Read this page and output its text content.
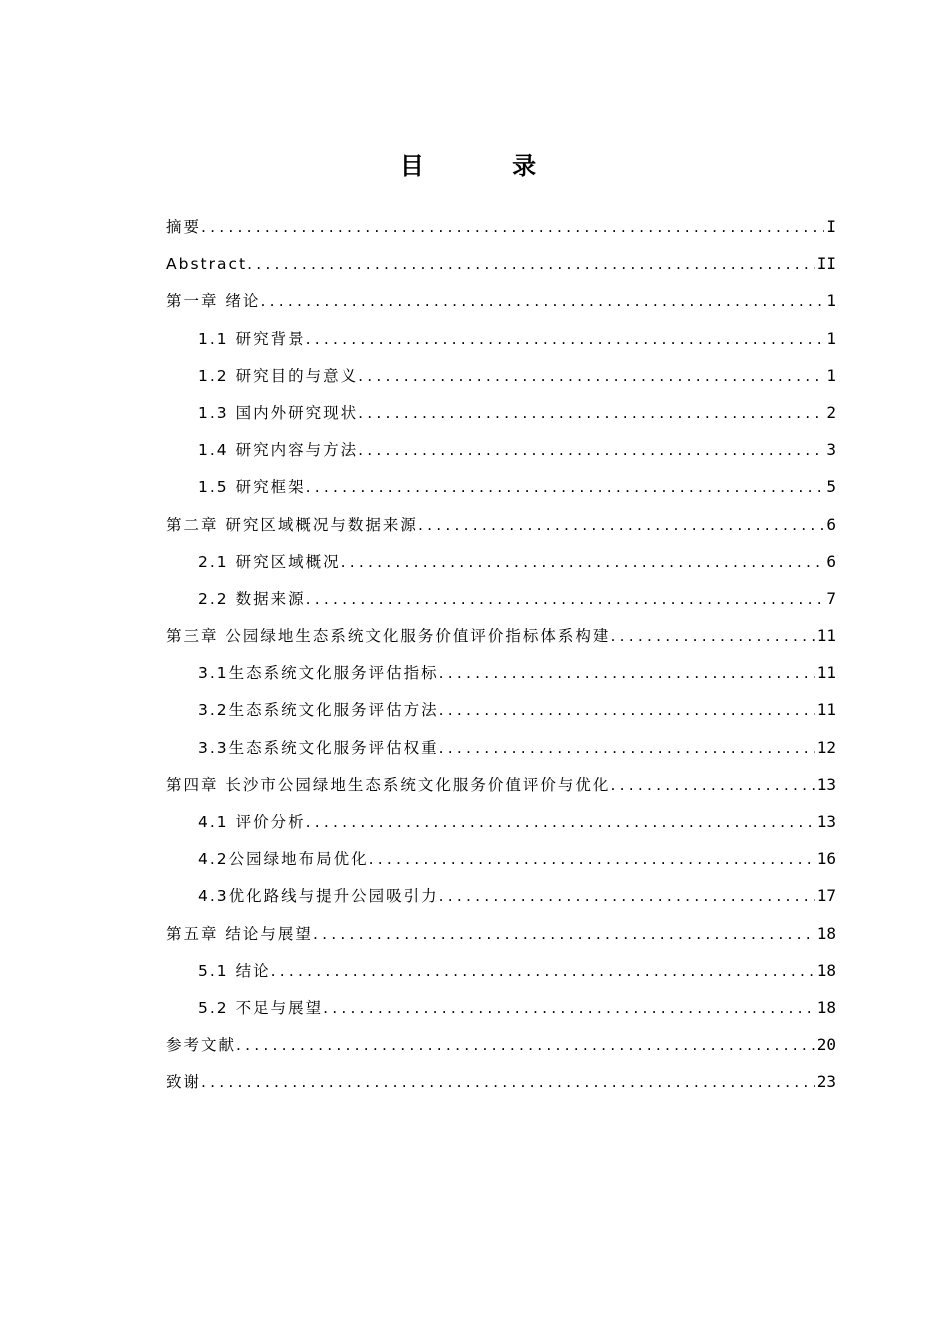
目 录
摘要 .....	I
Abstract .....	II
第一章 绪论 .....	1
1.1 研究背景 .....	1
1.2 研究目的与意义 .....	1
1.3 国内外研究现状 .....	2
1.4 研究内容与方法 .....	3
1.5 研究框架 .....	5
第二章 研究区域概况与数据来源 .....	6
2.1 研究区域概况 .....	6
2.2 数据来源 .....	7
第三章 公园绿地生态系统文化服务价值评价指标体系构建 .....	11
3.1生态系统文化服务评估指标 .....	11
3.2生态系统文化服务评估方法 .....	11
3.3生态系统文化服务评估权重 .....	12
第四章 长沙市公园绿地生态系统文化服务价值评价与优化 .....	13
4.1 评价分析 .....	13
4.2公园绿地布局优化 .....	16
4.3优化路线与提升公园吸引力 .....	17
第五章 结论与展望 .....	18
5.1 结论 .....	18
5.2 不足与展望 .....	18
参考文献 .....	20
致谢 .....	23
